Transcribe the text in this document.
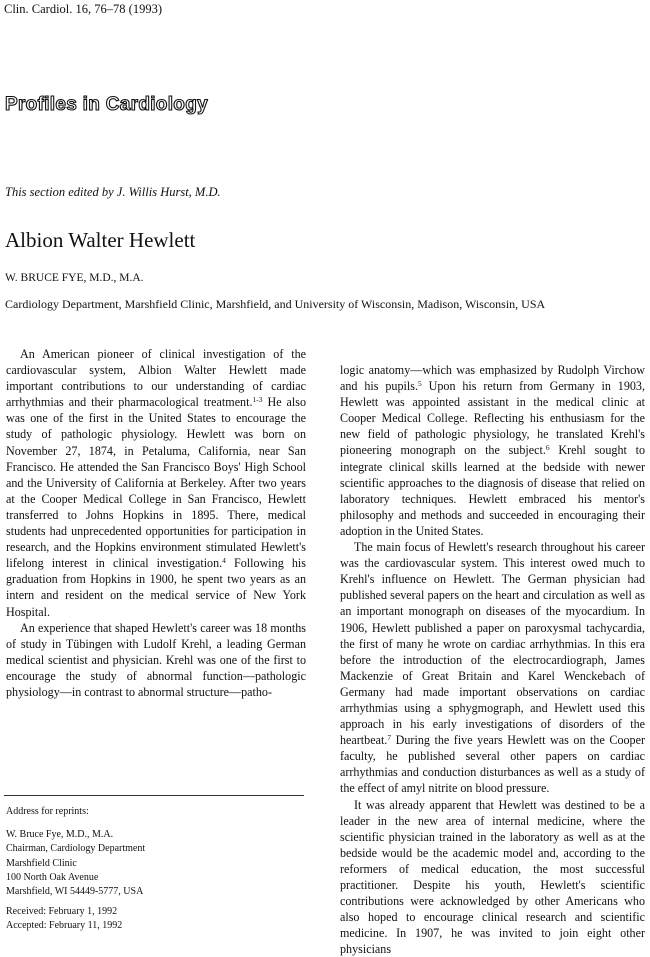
Clin. Cardiol. 16, 76–78 (1993)
Profiles in Cardiology
This section edited by J. Willis Hurst, M.D.
Albion Walter Hewlett
W. BRUCE FYE, M.D., M.A.
Cardiology Department, Marshfield Clinic, Marshfield, and University of Wisconsin, Madison, Wisconsin, USA

An American pioneer of clinical investigation of the cardiovascular system, Albion Walter Hewlett made important contributions to our understanding of cardiac arrhythmias and their pharmacological treatment.$^{1-3}$ He also was one of the first in the United States to encourage the study of pathologic physiology. Hewlett was born on November 27, 1874, in Petaluma, California, near San Francisco. He attended the San Francisco Boys' High School and the University of California at Berkeley. After two years at the Cooper Medical College in San Francisco, Hewlett transferred to Johns Hopkins in 1895. There, medical students had unprecedented opportunities for participation in research, and the Hopkins environment stimulated Hewlett's lifelong interest in clinical investigation.$^4$ Following his graduation from Hopkins in 1900, he spent two years as an intern and resident on the medical service of New York Hospital.

An experience that shaped Hewlett's career was 18 months of study in Tübingen with Ludolf Krehl, a leading German medical scientist and physician. Krehl was one of the first to encourage the study of abnormal function—pathologic physiology—in contrast to abnormal structure—patho-

logic anatomy—which was emphasized by Rudolph Virchow and his pupils.$^5$ Upon his return from Germany in 1903, Hewlett was appointed assistant in the medical clinic at Cooper Medical College. Reflecting his enthusiasm for the new field of pathologic physiology, he translated Krehl's pioneering monograph on the subject.$^6$ Krehl sought to integrate clinical skills learned at the bedside with newer scientific approaches to the diagnosis of disease that relied on laboratory techniques. Hewlett embraced his mentor's philosophy and methods and succeeded in encouraging their adoption in the United States.

The main focus of Hewlett's research throughout his career was the cardiovascular system. This interest owed much to Krehl's influence on Hewlett. The German physician had published several papers on the heart and circulation as well as an important monograph on diseases of the myocardium. In 1906, Hewlett published a paper on paroxysmal tachycardia, the first of many he wrote on cardiac arrhythmias. In this era before the introduction of the electrocardiograph, James Mackenzie of Great Britain and Karel Wenckebach of Germany had made important observations on cardiac arrhythmias using a sphygmograph, and Hewlett used this approach in his early investigations of disorders of the heartbeat.$^7$ During the five years Hewlett was on the Cooper faculty, he published several other papers on cardiac arrhythmias and conduction disturbances as well as a study of the effect of amyl nitrite on blood pressure.

It was already apparent that Hewlett was destined to be a leader in the new area of internal medicine, where the scientific physician trained in the laboratory as well as at the bedside would be the academic model and, according to the reformers of medical education, the most successful practitioner. Despite his youth, Hewlett's scientific contributions were acknowledged by other Americans who also hoped to encourage clinical research and scientific medicine. In 1907, he was invited to join eight other physicians

Address for reprints:
W. Bruce Fye, M.D., M.A.
Chairman, Cardiology Department
Marshfield Clinic
100 North Oak Avenue
Marshfield, WI 54449-5777, USA
Received: February 1, 1992
Accepted: February 11, 1992
